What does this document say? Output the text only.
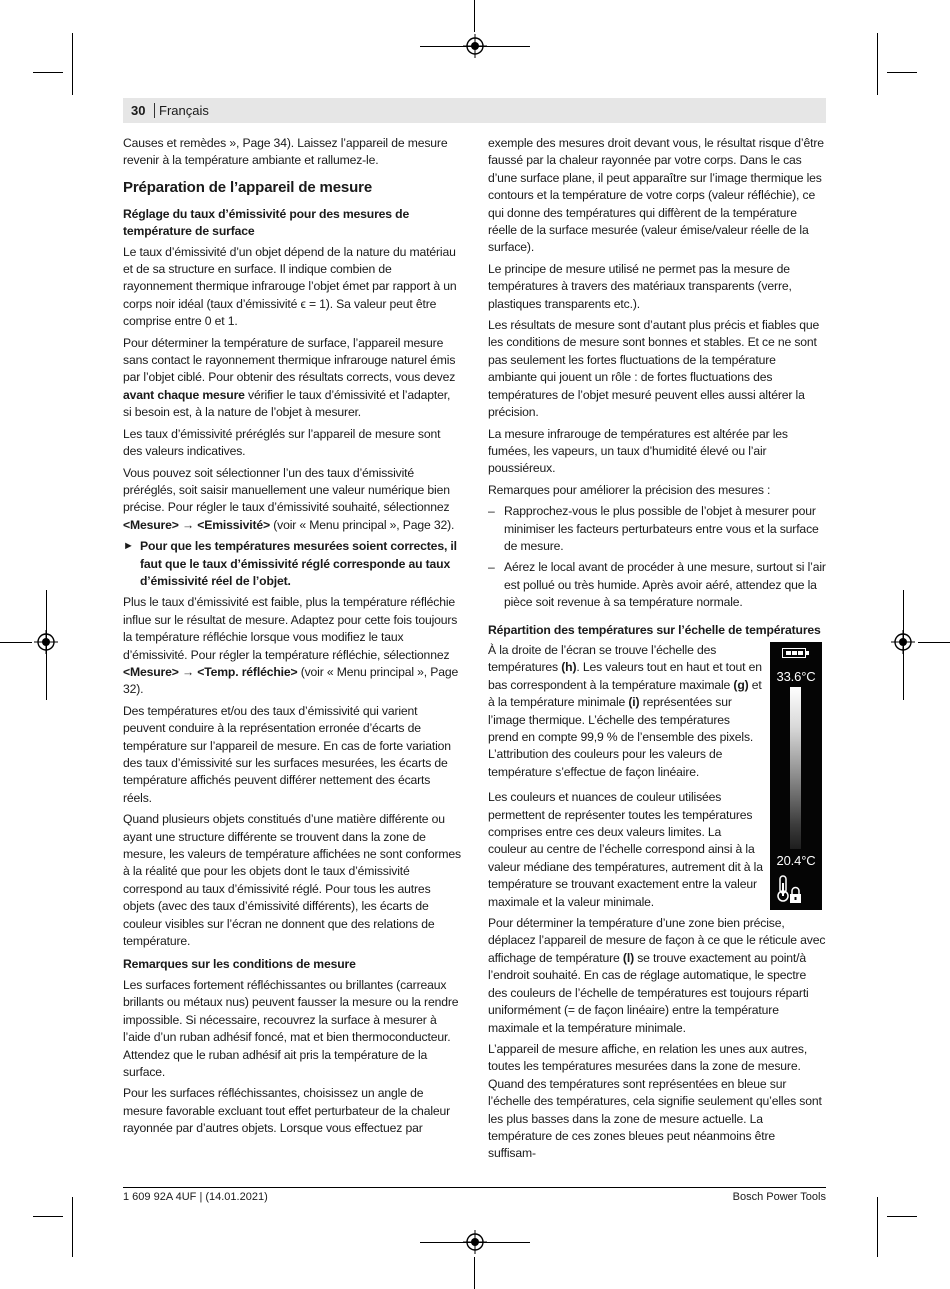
30 Français

Causes et remèdes », Page 34). Laissez l’appareil de mesure revenir à la température ambiante et rallumez-le.

Préparation de l’appareil de mesure
Réglage du taux d’émissivité pour des mesures de température de surface

Le taux d’émissivité d’un objet dépend de la nature du matériau et de sa structure en surface. Il indique combien de rayonnement thermique infrarouge l’objet émet par rapport à un corps noir idéal (taux d’émissivité ϵ = 1). Sa valeur peut être comprise entre 0 et 1.

Pour déterminer la température de surface, l’appareil mesure sans contact le rayonnement thermique infrarouge naturel émis par l’objet ciblé. Pour obtenir des résultats corrects, vous devez avant chaque mesure vérifier le taux d’émissivité et l’adapter, si besoin est, à la nature de l’objet à mesurer.

Les taux d’émissivité préréglés sur l’appareil de mesure sont des valeurs indicatives.

Vous pouvez soit sélectionner l’un des taux d’émissivité préréglés, soit saisir manuellement une valeur numérique bien précise. Pour régler le taux d’émissivité souhaité, sélectionnez <Mesure> → <Emissivité> (voir « Menu principal », Page 32).

► Pour que les températures mesurées soient correctes, il faut que le taux d’émissivité réglé corresponde au taux d’émissivité réel de l’objet.

Plus le taux d’émissivité est faible, plus la température réfléchie influe sur le résultat de mesure. Adaptez pour cette fois toujours la température réfléchie lorsque vous modifiez le taux d’émissivité. Pour régler la température réfléchie, sélectionnez <Mesure> → <Temp. réfléchie> (voir « Menu principal », Page 32).

Des températures et/ou des taux d’émissivité qui varient peuvent conduire à la représentation erronée d’écarts de température sur l’appareil de mesure. En cas de forte variation des taux d’émissivité sur les surfaces mesurées, les écarts de température affichés peuvent différer nettement des écarts réels.

Quand plusieurs objets constitués d’une matière différente ou ayant une structure différente se trouvent dans la zone de mesure, les valeurs de température affichées ne sont conformes à la réalité que pour les objets dont le taux d’émissivité correspond au taux d’émissivité réglé. Pour tous les autres objets (avec des taux d’émissivité différents), les écarts de couleur visibles sur l’écran ne donnent que des relations de température.

Remarques sur les conditions de mesure

Les surfaces fortement réfléchissantes ou brillantes (carreaux brillants ou métaux nus) peuvent fausser la mesure ou la rendre impossible. Si nécessaire, recouvrez la surface à mesurer à l’aide d’un ruban adhésif foncé, mat et bien thermoconducteur. Attendez que le ruban adhésif ait pris la température de la surface.

Pour les surfaces réfléchissantes, choisissez un angle de mesure favorable excluant tout effet perturbateur de la chaleur rayonnée par d’autres objets. Lorsque vous effectuez par

exemple des mesures droit devant vous, le résultat risque d’être faussé par la chaleur rayonnée par votre corps. Dans le cas d’une surface plane, il peut apparaître sur l’image thermique les contours et la température de votre corps (valeur réfléchie), ce qui donne des températures qui diffèrent de la température réelle de la surface mesurée (valeur émise/valeur réelle de la surface).

Le principe de mesure utilisé ne permet pas la mesure de températures à travers des matériaux transparents (verre, plastiques transparents etc.).

Les résultats de mesure sont d’autant plus précis et fiables que les conditions de mesure sont bonnes et stables. Et ce ne sont pas seulement les fortes fluctuations de la température ambiante qui jouent un rôle : de fortes fluctuations des températures de l’objet mesuré peuvent elles aussi altérer la précision.

La mesure infrarouge de températures est altérée par les fumées, les vapeurs, un taux d’humidité élevé ou l’air poussiéreux.

Remarques pour améliorer la précision des mesures :

– Rapprochez-vous le plus possible de l’objet à mesurer pour minimiser les facteurs perturbateurs entre vous et la surface de mesure.
– Aérez le local avant de procéder à une mesure, surtout si l’air est pollué ou très humide. Après avoir aéré, attendez que la pièce soit revenue à sa température normale.
Répartition des températures sur l’échelle de températures

À la droite de l’écran se trouve l’échelle des températures (h). Les valeurs tout en haut et tout en bas correspondent à la température maximale (g) et à la température minimale (i) représentées sur l’image thermique. L’échelle des températures prend en compte 99,9 % de l’ensemble des pixels. L’attribution des couleurs pour les valeurs de température s’effectue de façon linéaire.

Les couleurs et nuances de couleur utilisées permettent de représenter toutes les températures comprises entre ces deux valeurs limites. La couleur au centre de l’échelle correspond ainsi à la valeur médiane des températures, autrement dit à la température se trouvant exactement entre la valeur maximale et la valeur minimale.

33.6°C
20.4°C

Pour déterminer la température d’une zone bien précise, déplacez l’appareil de mesure de façon à ce que le réticule avec affichage de température (l) se trouve exactement au point/à l’endroit souhaité. En cas de réglage automatique, le spectre des couleurs de l’échelle de températures est toujours réparti uniformément (= de façon linéaire) entre la température maximale et la température minimale.

L’appareil de mesure affiche, en relation les unes aux autres, toutes les températures mesurées dans la zone de mesure. Quand des températures sont représentées en bleue sur l’échelle des températures, cela signifie seulement qu’elles sont les plus basses dans la zone de mesure actuelle. La température de ces zones bleues peut néanmoins être suffisam-

1 609 92A 4UF | (14.01.2021)	Bosch Power Tools
